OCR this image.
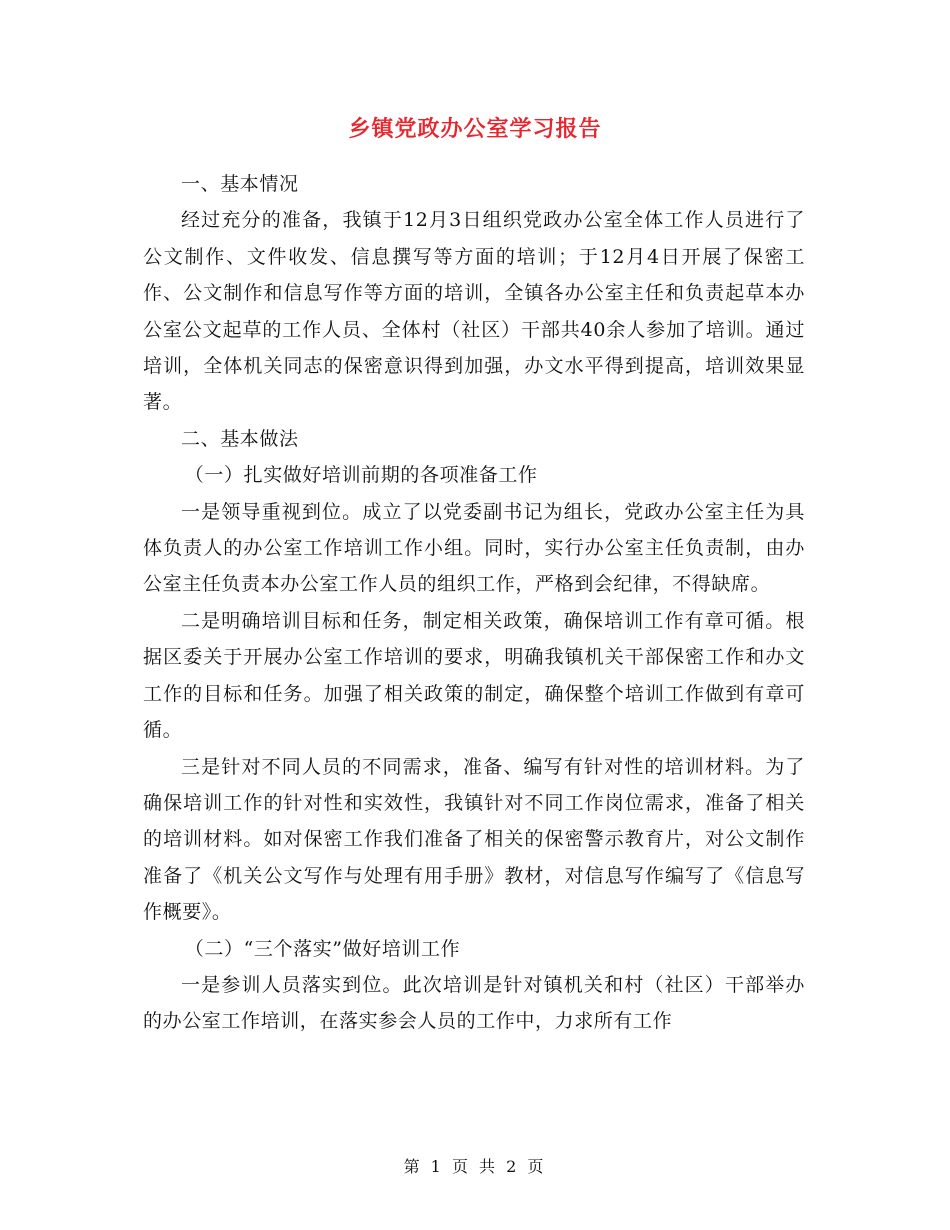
乡镇党政办公室学习报告

一、基本情况

经过充分的准备，我镇于12月3日组织党政办公室全体工作人员进行了公文制作、文件收发、信息撰写等方面的培训；于12月4日开展了保密工作、公文制作和信息写作等方面的培训，全镇各办公室主任和负责起草本办公室公文起草的工作人员、全体村（社区）干部共40余人参加了培训。通过培训，全体机关同志的保密意识得到加强，办文水平得到提高，培训效果显著。

二、基本做法

（一）扎实做好培训前期的各项准备工作

一是领导重视到位。成立了以党委副书记为组长，党政办公室主任为具体负责人的办公室工作培训工作小组。同时，实行办公室主任负责制，由办公室主任负责本办公室工作人员的组织工作，严格到会纪律，不得缺席。

二是明确培训目标和任务，制定相关政策，确保培训工作有章可循。根据区委关于开展办公室工作培训的要求，明确我镇机关干部保密工作和办文工作的目标和任务。加强了相关政策的制定，确保整个培训工作做到有章可循。

三是针对不同人员的不同需求，准备、编写有针对性的培训材料。为了确保培训工作的针对性和实效性，我镇针对不同工作岗位需求，准备了相关的培训材料。如对保密工作我们准备了相关的保密警示教育片，对公文制作准备了《机关公文写作与处理有用手册》教材，对信息写作编写了《信息写作概要》。

（二）“三个落实”做好培训工作

一是参训人员落实到位。此次培训是针对镇机关和村（社区）干部举办的办公室工作培训，在落实参会人员的工作中，力求所有工作

第 1 页 共 2 页
